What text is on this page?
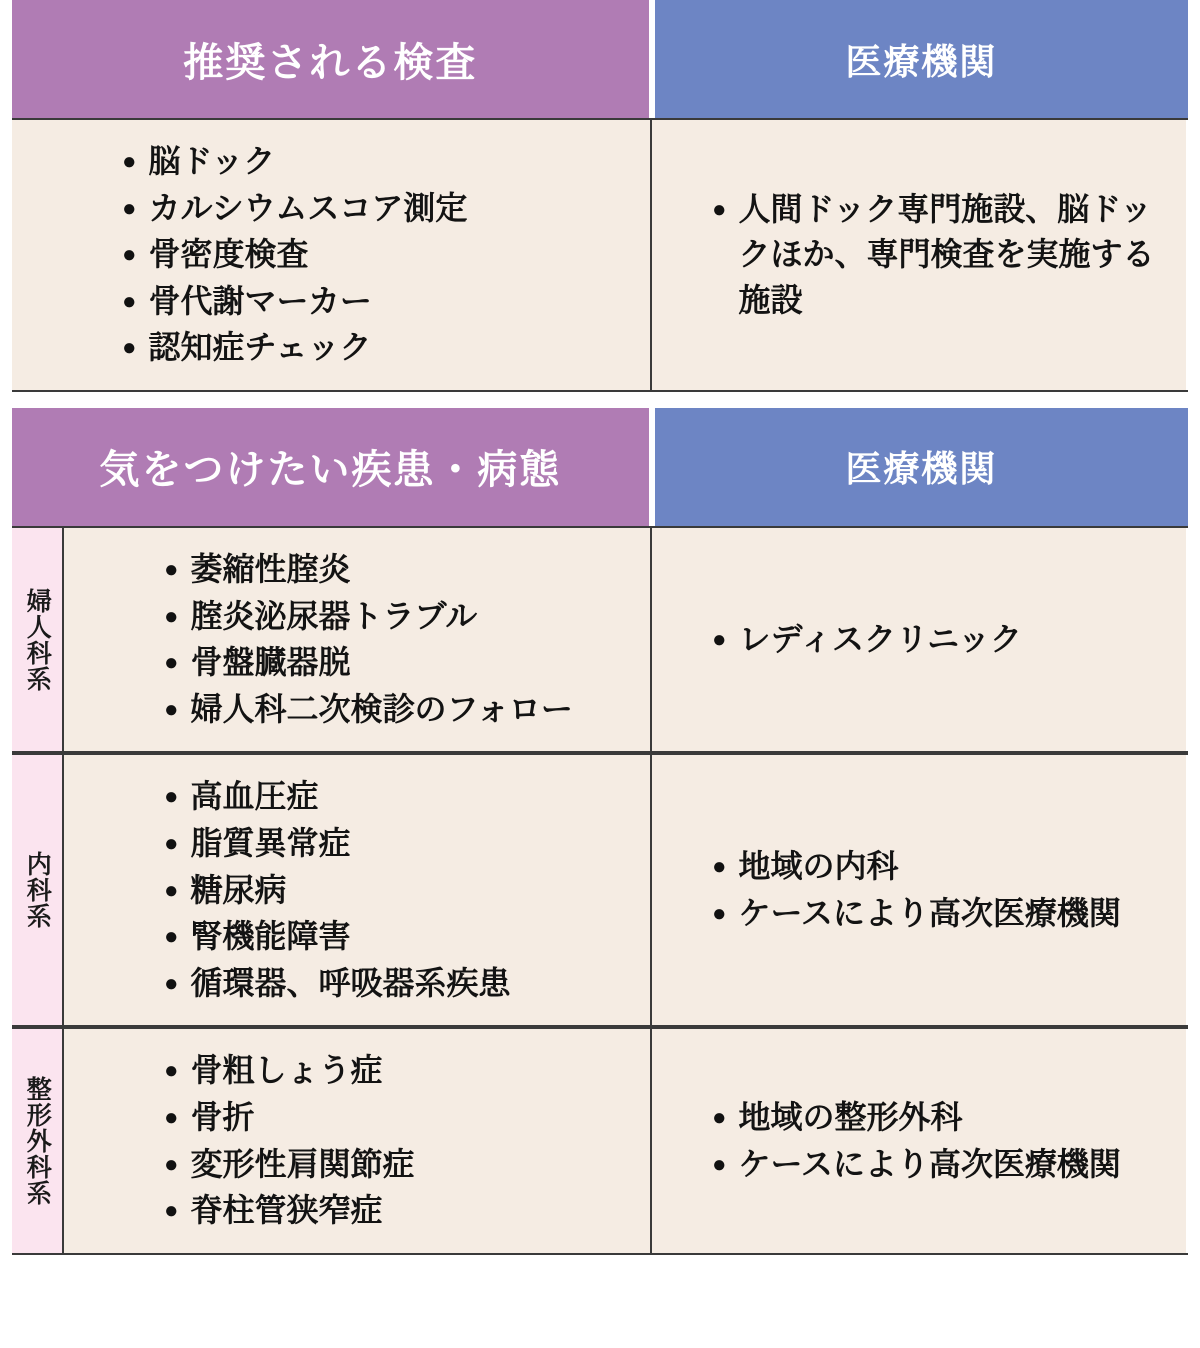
推奨される検査	医療機関
● 脳ドック
● カルシウムスコア測定
● 骨密度検査
● 骨代謝マーカー
● 認知症チェック
● 人間ドック専門施設、脳ドックほか、専門検査を実施する施設
気をつけたい疾患・病態	医療機関
婦人科系
● 萎縮性腟炎
● 腟炎泌尿器トラブル
● 骨盤臓器脱
● 婦人科二次検診のフォロー
● レディスクリニック
内科系
● 高血圧症
● 脂質異常症
● 糖尿病
● 腎機能障害
● 循環器、呼吸器系疾患
● 地域の内科
● ケースにより高次医療機関
整形外科系
● 骨粗しょう症
● 骨折
● 変形性肩関節症
● 脊柱管狭窄症
● 地域の整形外科
● ケースにより高次医療機関
